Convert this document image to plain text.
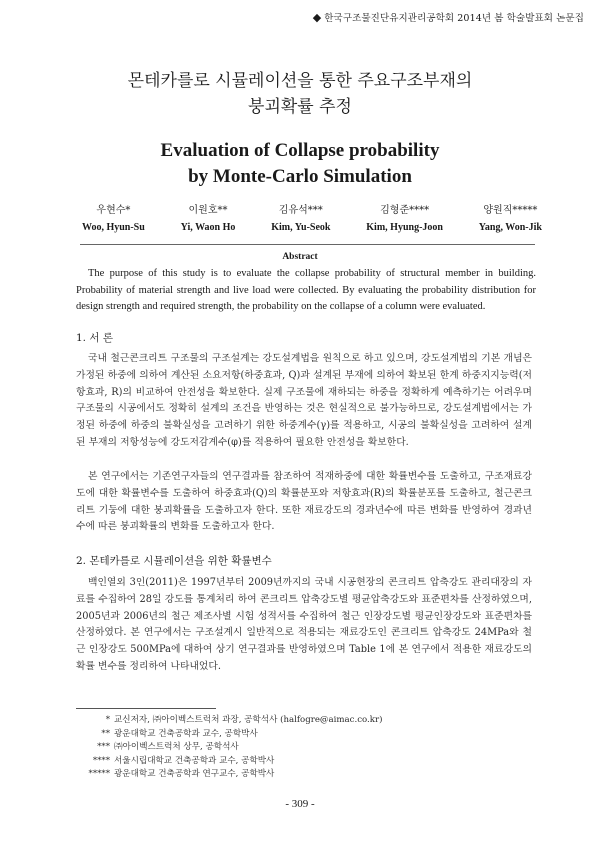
◆ 한국구조물진단유지관리공학회 2014년 봄 학술발표회 논문집
몬테카를로 시뮬레이션을 통한 주요구조부재의
붕괴확률 추정
Evaluation of Collapse probability
by Monte-Carlo Simulation
우현수*
Woo, Hyun-Su
이원호**
Yi, Waon Ho
김유석***
Kim, Yu-Seok
김형준****
Kim, Hyung-Joon
양원직*****
Yang, Won-Jik
Abstract
The purpose of this study is to evaluate the collapse probability of structural member in building. Probability of material strength and live load were collected. By evaluating the probability distribution for design strength and required strength, the probability on the collapse of a column were evaluated.
1. 서 론
국내 철근콘크리트 구조물의 구조설계는 강도설계법을 원칙으로 하고 있으며, 강도설계법의 기본 개념은 가정된 하중에 의하여 계산된 소요저항(하중효과, Q)과 설계된 부재에 의하여 확보된 한계 하중지지능력(저항효과, R)의 비교하여 안전성을 확보한다. 실제 구조물에 재하되는 하중을 정확하게 예측하기는 어려우며 구조물의 시공에서도 정확히 설계의 조건을 반영하는 것은 현실적으로 불가능하므로, 강도설계법에서는 가정된 하중에 하중의 불확실성을 고려하기 위한 하중계수(γ)를 적용하고, 시공의 불확실성을 고려하여 설계된 부재의 저항성능에 강도저감계수(φ)를 적용하여 필요한 안전성을 확보한다.
본 연구에서는 기존연구자들의 연구결과를 참조하여 적재하중에 대한 확률변수를 도출하고, 구조재료강도에 대한 확률변수를 도출하여 하중효과(Q)의 확률분포와 저항효과(R)의 확률분포를 도출하고, 철근콘크리트 기둥에 대한 붕괴확률을 도출하고자 한다. 또한 재료강도의 경과년수에 따른 변화를 반영하여 경과년수에 따른 붕괴확률의 변화를 도출하고자 한다.
2. 몬테카를로 시뮬레이션을 위한 확률변수
백인열외 3인(2011)은 1997년부터 2009년까지의 국내 시공현장의 콘크리트 압축강도 관리대장의 자료를 수집하여 28일 강도를 통계처리 하여 콘크리트 압축강도별 평균압축강도와 표준편차를 산정하였으며, 2005년과 2006년의 철근 제조사별 시험 성적서를 수집하여 철근 인장강도별 평균인장강도와 표준편차를 산정하였다. 본 연구에서는 구조설계시 일반적으로 적용되는 재료강도인 콘크리트 압축강도 24MPa와 철근 인장강도 500MPa에 대하여 상기 연구결과를 반영하였으며 Table 1에 본 연구에서 적용한 재료강도의 확률 변수를 정리하여 나타내었다.
* 교신저자, ㈜아이벡스트럭처 과장, 공학석사 (halfogre@aimac.co.kr)
** 광운대학교 건축공학과 교수, 공학박사
*** ㈜아이벡스트럭처 상무, 공학석사
**** 서울시립대학교 건축공학과 교수, 공학박사
***** 광운대학교 건축공학과 연구교수, 공학박사
- 309 -
